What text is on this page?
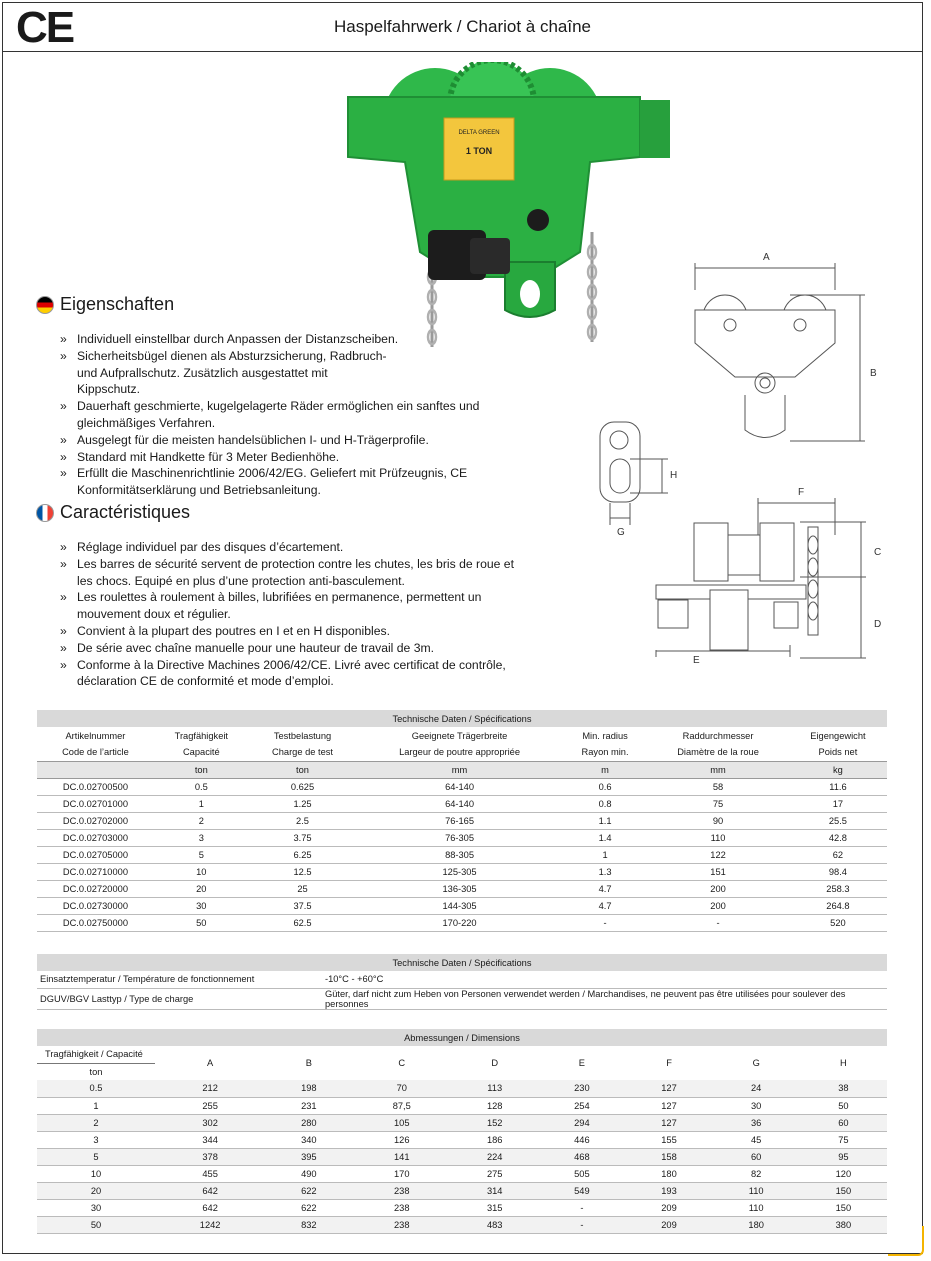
CE	Haspelfahrwerk / Chariot à chaîne
DELTA GREEN
1 TON
A
B
C
D
E
F
G
H
Eigenschaften
» Individuell einstellbar durch Anpassen der Distanzscheiben.
» Sicherheitsbügel dienen als Absturzsicherung, Radbruch- und Aufprallschutz. Zusätzlich ausgestattet mit Kippschutz.
» Dauerhaft geschmierte, kugelgelagerte Räder ermöglichen ein sanftes und gleichmäßiges Verfahren.
» Ausgelegt für die meisten handelsüblichen I- und H-Trägerprofile.
» Standard mit Handkette für 3 Meter Bedienhöhe.
» Erfüllt die Maschinenrichtlinie 2006/42/EG. Geliefert mit Prüfzeugnis, CE Konformitätserklärung und Betriebsanleitung.
Caractéristiques
» Réglage individuel par des disques d’écartement.
» Les barres de sécurité servent de protection contre les chutes, les bris de roue et les chocs. Equipé en plus d’une protection anti-basculement.
» Les roulettes à roulement à billes, lubrifiées en permanence, permettent un mouvement doux et régulier.
» Convient à la plupart des poutres en I et en H disponibles.
» De série avec chaîne manuelle pour une hauteur de travail de 3m.
» Conforme à la Directive Machines 2006/42/CE. Livré avec certificat de contrôle, déclaration CE de conformité et mode d’emploi.
Technische Daten / Spécifications						
Artikelnummer	Tragfähigkeit	Testbelastung	Geeignete Trägerbreite	Min. radius	Raddurchmesser	Eigengewicht
Code de l’article	Capacité	Charge de test	Largeur de poutre appropriée	Rayon min.	Diamètre de la roue	Poids net
	ton	ton	mm	m	mm	kg
DC.0.02700500	0.5	0.625	64-140	0.6	58	11.6
DC.0.02701000	1	1.25	64-140	0.8	75	17
DC.0.02702000	2	2.5	76-165	1.1	90	25.5
DC.0.02703000	3	3.75	76-305	1.4	110	42.8
DC.0.02705000	5	6.25	88-305	1	122	62
DC.0.02710000	10	12.5	125-305	1.3	151	98.4
DC.0.02720000	20	25	136-305	4.7	200	258.3
DC.0.02730000	30	37.5	144-305	4.7	200	264.8
DC.0.02750000	50	62.5	170-220	-	-	520
Technische Daten / Spécifications	
Einsatztemperatur / Température de fonctionnement	-10°C - +60°C
DGUV/BGV Lasttyp / Type de charge	Güter, darf nicht zum Heben von Personen verwendet werden / Marchandises, ne peuvent pas être utilisées pour soulever des personnes
Abmessungen / Dimensions								
Tragfähigkeit / Capacité	A	B	C	D	E	F	G	H
ton								
0.5	212	198	70	113	230	127	24	38
1	255	231	87,5	128	254	127	30	50
2	302	280	105	152	294	127	36	60
3	344	340	126	186	446	155	45	75
5	378	395	141	224	468	158	60	95
10	455	490	170	275	505	180	82	120
20	642	622	238	314	549	193	110	150
30	642	622	238	315	-	209	110	150
50	1242	832	238	483	-	209	180	380
